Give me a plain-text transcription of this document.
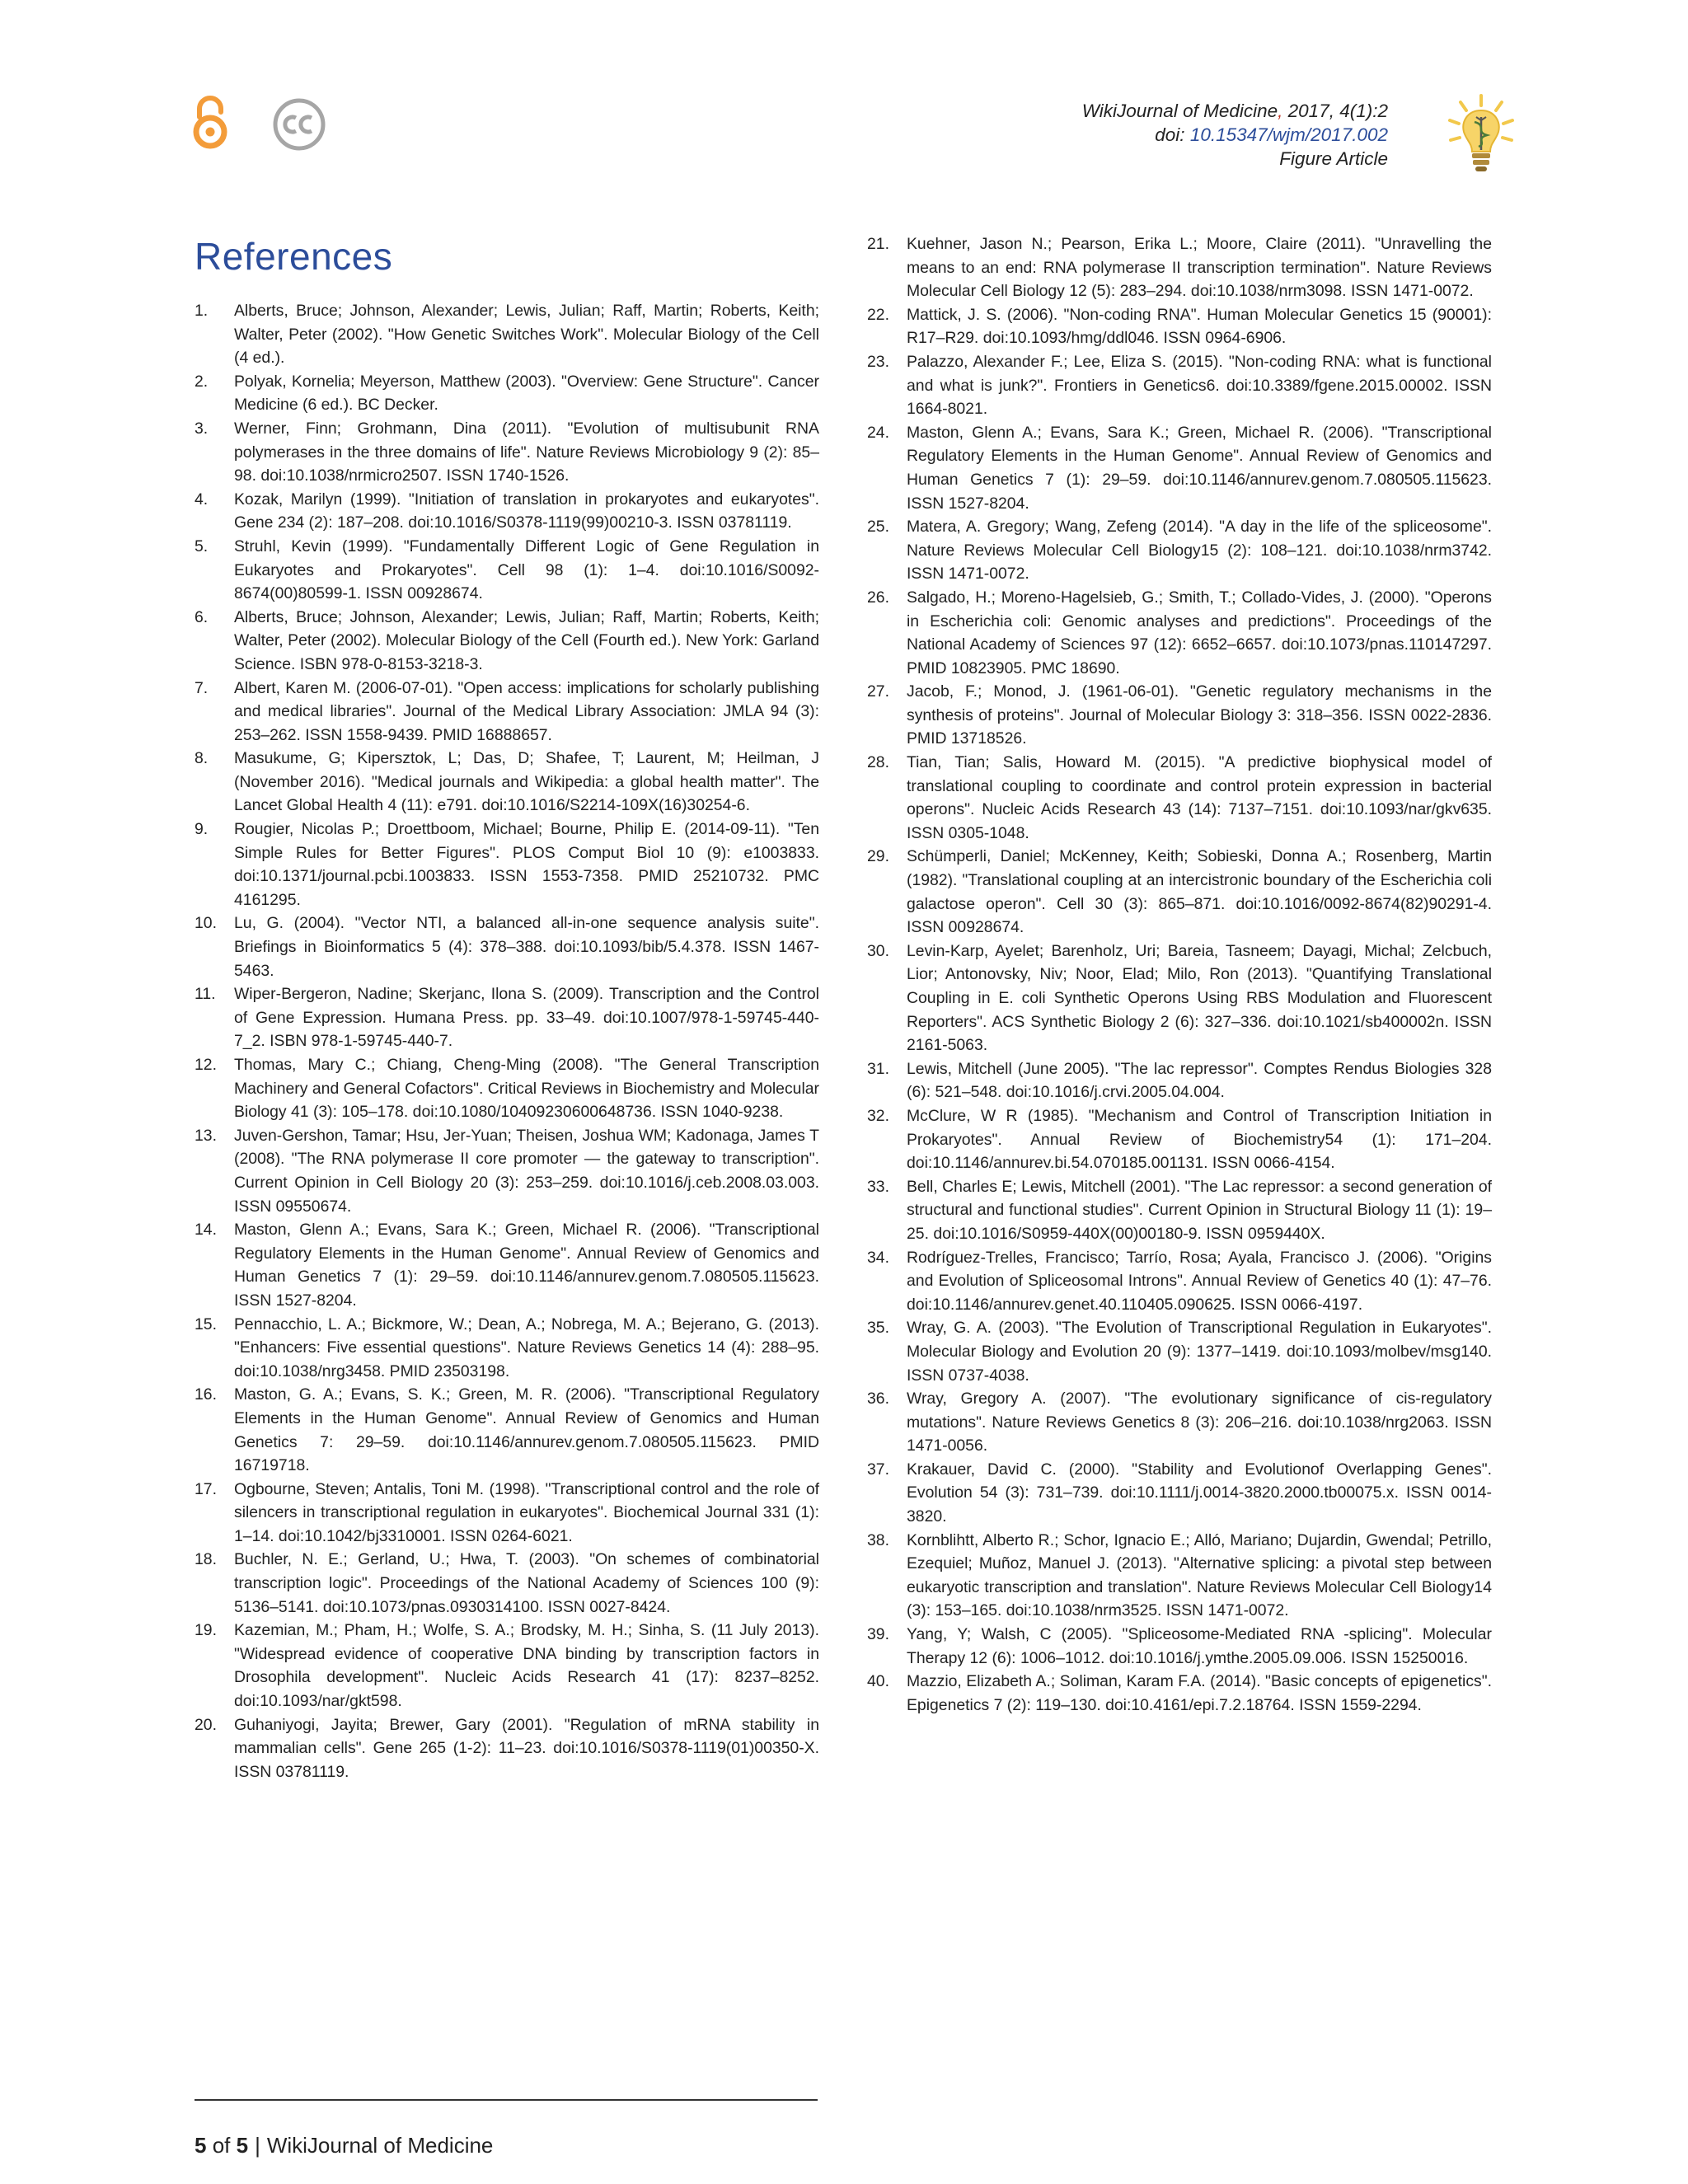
WikiJournal of Medicine, 2017, 4(1):2
doi: 10.15347/wjm/2017.002
Figure Article
References
1. Alberts, Bruce; Johnson, Alexander; Lewis, Julian; Raff, Martin; Roberts, Keith; Walter, Peter (2002). "How Genetic Switches Work". Molecular Biology of the Cell (4 ed.).
2. Polyak, Kornelia; Meyerson, Matthew (2003). "Overview: Gene Structure". Cancer Medicine (6 ed.). BC Decker.
3. Werner, Finn; Grohmann, Dina (2011). "Evolution of multisubunit RNA polymerases in the three domains of life". Nature Reviews Microbiology 9 (2): 85–98. doi:10.1038/nrmicro2507. ISSN 1740-1526.
4. Kozak, Marilyn (1999). "Initiation of translation in prokaryotes and eukaryotes". Gene 234 (2): 187–208. doi:10.1016/S0378-1119(99)00210-3. ISSN 03781119.
5. Struhl, Kevin (1999). "Fundamentally Different Logic of Gene Regulation in Eukaryotes and Prokaryotes". Cell 98 (1): 1–4. doi:10.1016/S0092-8674(00)80599-1. ISSN 00928674.
6. Alberts, Bruce; Johnson, Alexander; Lewis, Julian; Raff, Martin; Roberts, Keith; Walter, Peter (2002). Molecular Biology of the Cell (Fourth ed.). New York: Garland Science. ISBN 978-0-8153-3218-3.
7. Albert, Karen M. (2006-07-01). "Open access: implications for scholarly publishing and medical libraries". Journal of the Medical Library Association: JMLA 94 (3): 253–262. ISSN 1558-9439. PMID 16888657.
8. Masukume, G; Kipersztok, L; Das, D; Shafee, T; Laurent, M; Heilman, J (November 2016). "Medical journals and Wikipedia: a global health matter". The Lancet Global Health 4 (11): e791. doi:10.1016/S2214-109X(16)30254-6.
9. Rougier, Nicolas P.; Droettboom, Michael; Bourne, Philip E. (2014-09-11). "Ten Simple Rules for Better Figures". PLOS Comput Biol 10 (9): e1003833. doi:10.1371/journal.pcbi.1003833. ISSN 1553-7358. PMID 25210732. PMC 4161295.
10. Lu, G. (2004). "Vector NTI, a balanced all-in-one sequence analysis suite". Briefings in Bioinformatics 5 (4): 378–388. doi:10.1093/bib/5.4.378. ISSN 1467-5463.
11. Wiper-Bergeron, Nadine; Skerjanc, Ilona S. (2009). Transcription and the Control of Gene Expression. Humana Press. pp. 33–49. doi:10.1007/978-1-59745-440-7_2. ISBN 978-1-59745-440-7.
12. Thomas, Mary C.; Chiang, Cheng-Ming (2008). "The General Transcription Machinery and General Cofactors". Critical Reviews in Biochemistry and Molecular Biology 41 (3): 105–178. doi:10.1080/10409230600648736. ISSN 1040-9238.
13. Juven-Gershon, Tamar; Hsu, Jer-Yuan; Theisen, Joshua WM; Kadonaga, James T (2008). "The RNA polymerase II core promoter — the gateway to transcription". Current Opinion in Cell Biology 20 (3): 253–259. doi:10.1016/j.ceb.2008.03.003. ISSN 09550674.
14. Maston, Glenn A.; Evans, Sara K.; Green, Michael R. (2006). "Transcriptional Regulatory Elements in the Human Genome". Annual Review of Genomics and Human Genetics 7 (1): 29–59. doi:10.1146/annurev.genom.7.080505.115623. ISSN 1527-8204.
15. Pennacchio, L. A.; Bickmore, W.; Dean, A.; Nobrega, M. A.; Bejerano, G. (2013). "Enhancers: Five essential questions". Nature Reviews Genetics 14 (4): 288–95. doi:10.1038/nrg3458. PMID 23503198.
16. Maston, G. A.; Evans, S. K.; Green, M. R. (2006). "Transcriptional Regulatory Elements in the Human Genome". Annual Review of Genomics and Human Genetics 7: 29–59. doi:10.1146/annurev.genom.7.080505.115623. PMID 16719718.
17. Ogbourne, Steven; Antalis, Toni M. (1998). "Transcriptional control and the role of silencers in transcriptional regulation in eukaryotes". Biochemical Journal 331 (1): 1–14. doi:10.1042/bj3310001. ISSN 0264-6021.
18. Buchler, N. E.; Gerland, U.; Hwa, T. (2003). "On schemes of combinatorial transcription logic". Proceedings of the National Academy of Sciences 100 (9): 5136–5141. doi:10.1073/pnas.0930314100. ISSN 0027-8424.
19. Kazemian, M.; Pham, H.; Wolfe, S. A.; Brodsky, M. H.; Sinha, S. (11 July 2013). "Widespread evidence of cooperative DNA binding by transcription factors in Drosophila development". Nucleic Acids Research 41 (17): 8237–8252. doi:10.1093/nar/gkt598.
20. Guhaniyogi, Jayita; Brewer, Gary (2001). "Regulation of mRNA stability in mammalian cells". Gene 265 (1-2): 11–23. doi:10.1016/S0378-1119(01)00350-X. ISSN 03781119.
21. Kuehner, Jason N.; Pearson, Erika L.; Moore, Claire (2011). "Unravelling the means to an end: RNA polymerase II transcription termination". Nature Reviews Molecular Cell Biology 12 (5): 283–294. doi:10.1038/nrm3098. ISSN 1471-0072.
22. Mattick, J. S. (2006). "Non-coding RNA". Human Molecular Genetics 15 (90001): R17–R29. doi:10.1093/hmg/ddl046. ISSN 0964-6906.
23. Palazzo, Alexander F.; Lee, Eliza S. (2015). "Non-coding RNA: what is functional and what is junk?". Frontiers in Genetics6. doi:10.3389/fgene.2015.00002. ISSN 1664-8021.
24. Maston, Glenn A.; Evans, Sara K.; Green, Michael R. (2006). "Transcriptional Regulatory Elements in the Human Genome". Annual Review of Genomics and Human Genetics 7 (1): 29–59. doi:10.1146/annurev.genom.7.080505.115623. ISSN 1527-8204.
25. Matera, A. Gregory; Wang, Zefeng (2014). "A day in the life of the spliceosome". Nature Reviews Molecular Cell Biology15 (2): 108–121. doi:10.1038/nrm3742. ISSN 1471-0072.
26. Salgado, H.; Moreno-Hagelsieb, G.; Smith, T.; Collado-Vides, J. (2000). "Operons in Escherichia coli: Genomic analyses and predictions". Proceedings of the National Academy of Sciences 97 (12): 6652–6657. doi:10.1073/pnas.110147297. PMID 10823905. PMC 18690.
27. Jacob, F.; Monod, J. (1961-06-01). "Genetic regulatory mechanisms in the synthesis of proteins". Journal of Molecular Biology 3: 318–356. ISSN 0022-2836. PMID 13718526.
28. Tian, Tian; Salis, Howard M. (2015). "A predictive biophysical model of translational coupling to coordinate and control protein expression in bacterial operons". Nucleic Acids Research 43 (14): 7137–7151. doi:10.1093/nar/gkv635. ISSN 0305-1048.
29. Schümperli, Daniel; McKenney, Keith; Sobieski, Donna A.; Rosenberg, Martin (1982). "Translational coupling at an intercistronic boundary of the Escherichia coli galactose operon". Cell 30 (3): 865–871. doi:10.1016/0092-8674(82)90291-4. ISSN 00928674.
30. Levin-Karp, Ayelet; Barenholz, Uri; Bareia, Tasneem; Dayagi, Michal; Zelcbuch, Lior; Antonovsky, Niv; Noor, Elad; Milo, Ron (2013). "Quantifying Translational Coupling in E. coli Synthetic Operons Using RBS Modulation and Fluorescent Reporters". ACS Synthetic Biology 2 (6): 327–336. doi:10.1021/sb400002n. ISSN 2161-5063.
31. Lewis, Mitchell (June 2005). "The lac repressor". Comptes Rendus Biologies 328 (6): 521–548. doi:10.1016/j.crvi.2005.04.004.
32. McClure, W R (1985). "Mechanism and Control of Transcription Initiation in Prokaryotes". Annual Review of Biochemistry54 (1): 171–204. doi:10.1146/annurev.bi.54.070185.001131. ISSN 0066-4154.
33. Bell, Charles E; Lewis, Mitchell (2001). "The Lac repressor: a second generation of structural and functional studies". Current Opinion in Structural Biology 11 (1): 19–25. doi:10.1016/S0959-440X(00)00180-9. ISSN 0959440X.
34. Rodríguez-Trelles, Francisco; Tarrío, Rosa; Ayala, Francisco J. (2006). "Origins and Evolution of Spliceosomal Introns". Annual Review of Genetics 40 (1): 47–76. doi:10.1146/annurev.genet.40.110405.090625. ISSN 0066-4197.
35. Wray, G. A. (2003). "The Evolution of Transcriptional Regulation in Eukaryotes". Molecular Biology and Evolution 20 (9): 1377–1419. doi:10.1093/molbev/msg140. ISSN 0737-4038.
36. Wray, Gregory A. (2007). "The evolutionary significance of cis-regulatory mutations". Nature Reviews Genetics 8 (3): 206–216. doi:10.1038/nrg2063. ISSN 1471-0056.
37. Krakauer, David C. (2000). "Stability and Evolutionof Overlapping Genes". Evolution 54 (3): 731–739. doi:10.1111/j.0014-3820.2000.tb00075.x. ISSN 0014-3820.
38. Kornblihtt, Alberto R.; Schor, Ignacio E.; Alló, Mariano; Dujardin, Gwendal; Petrillo, Ezequiel; Muñoz, Manuel J. (2013). "Alternative splicing: a pivotal step between eukaryotic transcription and translation". Nature Reviews Molecular Cell Biology14 (3): 153–165. doi:10.1038/nrm3525. ISSN 1471-0072.
39. Yang, Y; Walsh, C (2005). "Spliceosome-Mediated RNA -splicing". Molecular Therapy 12 (6): 1006–1012. doi:10.1016/j.ymthe.2005.09.006. ISSN 15250016.
40. Mazzio, Elizabeth A.; Soliman, Karam F.A. (2014). "Basic concepts of epigenetics". Epigenetics 7 (2): 119–130. doi:10.4161/epi.7.2.18764. ISSN 1559-2294.
5 of 5 | WikiJournal of Medicine
